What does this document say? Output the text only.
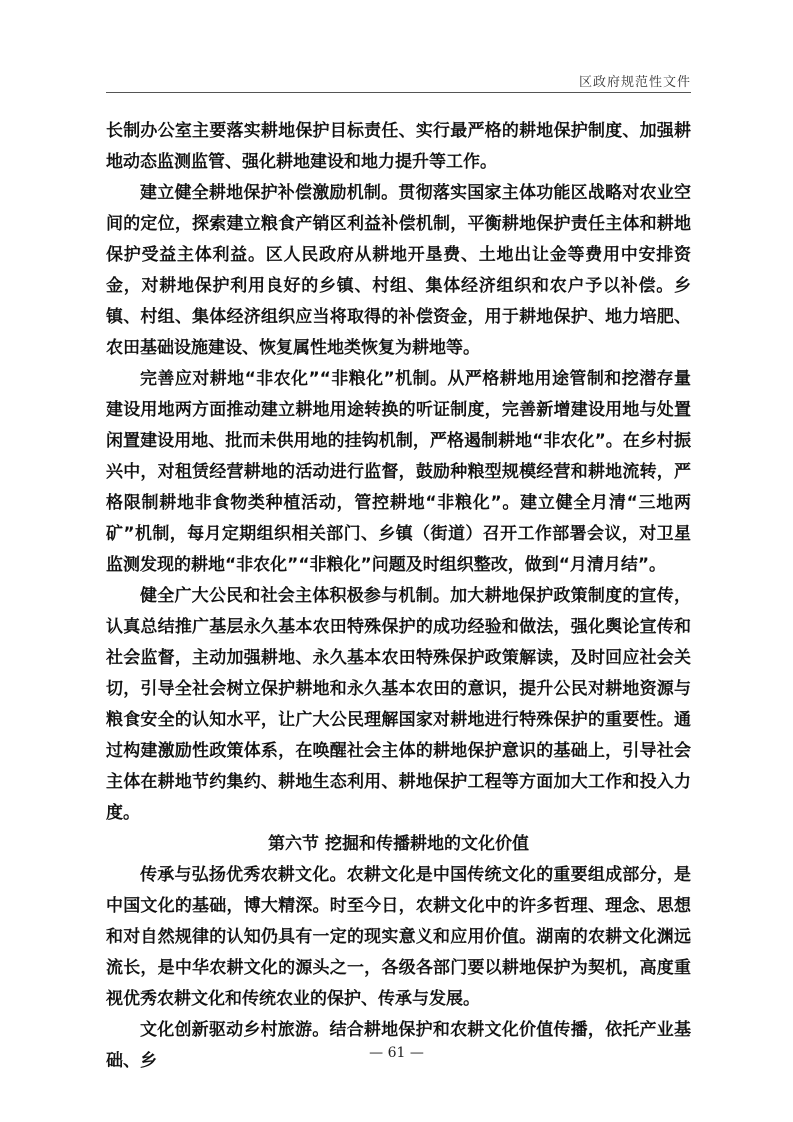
区政府规范性文件

长制办公室主要落实耕地保护目标责任、实行最严格的耕地保护制度、加强耕地动态监测监管、强化耕地建设和地力提升等工作。

建立健全耕地保护补偿激励机制。贯彻落实国家主体功能区战略对农业空间的定位，探索建立粮食产销区利益补偿机制，平衡耕地保护责任主体和耕地保护受益主体利益。区人民政府从耕地开垦费、土地出让金等费用中安排资金，对耕地保护利用良好的乡镇、村组、集体经济组织和农户予以补偿。乡镇、村组、集体经济组织应当将取得的补偿资金，用于耕地保护、地力培肥、农田基础设施建设、恢复属性地类恢复为耕地等。

完善应对耕地“非农化”“非粮化”机制。从严格耕地用途管制和挖潜存量建设用地两方面推动建立耕地用途转换的听证制度，完善新增建设用地与处置闲置建设用地、批而未供用地的挂钩机制，严格遏制耕地“非农化”。在乡村振兴中，对租赁经营耕地的活动进行监督，鼓励种粮型规模经营和耕地流转，严格限制耕地非食物类种植活动，管控耕地“非粮化”。建立健全月清“三地两矿”机制，每月定期组织相关部门、乡镇（街道）召开工作部署会议，对卫星监测发现的耕地“非农化”“非粮化”问题及时组织整改，做到“月清月结”。

健全广大公民和社会主体积极参与机制。加大耕地保护政策制度的宣传，认真总结推广基层永久基本农田特殊保护的成功经验和做法，强化舆论宣传和社会监督，主动加强耕地、永久基本农田特殊保护政策解读，及时回应社会关切，引导全社会树立保护耕地和永久基本农田的意识，提升公民对耕地资源与粮食安全的认知水平，让广大公民理解国家对耕地进行特殊保护的重要性。通过构建激励性政策体系，在唤醒社会主体的耕地保护意识的基础上，引导社会主体在耕地节约集约、耕地生态利用、耕地保护工程等方面加大工作和投入力度。

第六节 挖掘和传播耕地的文化价值

传承与弘扬优秀农耕文化。农耕文化是中国传统文化的重要组成部分，是中国文化的基础，博大精深。时至今日，农耕文化中的许多哲理、理念、思想和对自然规律的认知仍具有一定的现实意义和应用价值。湖南的农耕文化渊远流长，是中华农耕文化的源头之一，各级各部门要以耕地保护为契机，高度重视优秀农耕文化和传统农业的保护、传承与发展。

文化创新驱动乡村旅游。结合耕地保护和农耕文化价值传播，依托产业基础、乡	— 61 —
